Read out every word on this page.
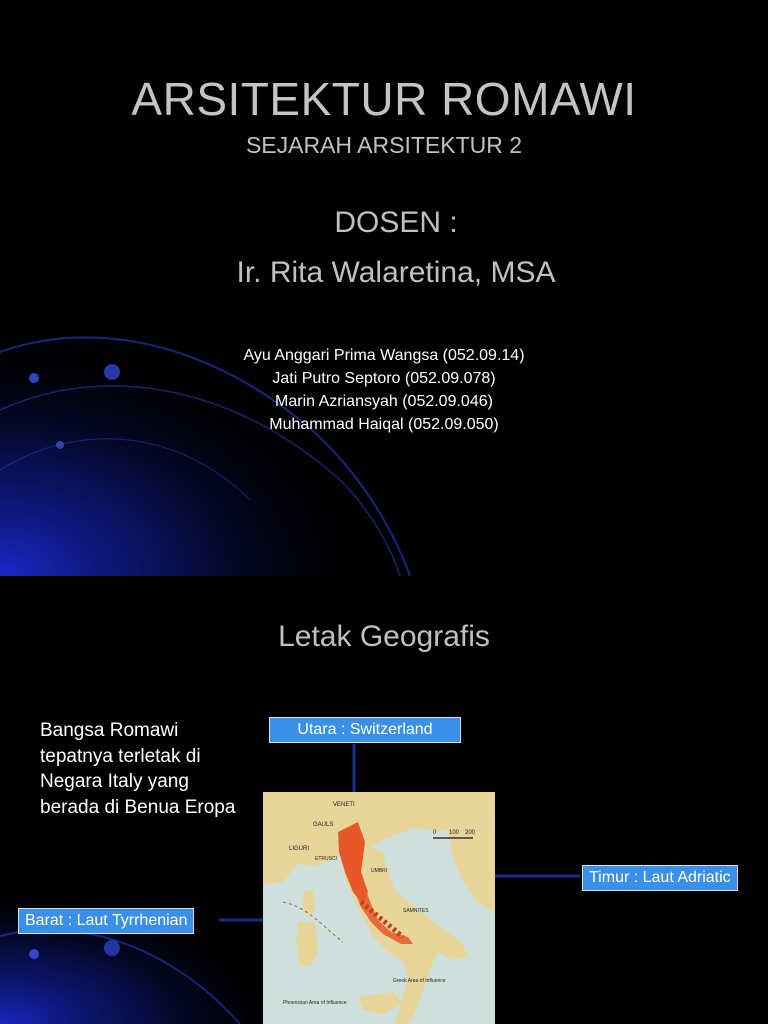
ARSITEKTUR ROMAWI
SEJARAH ARSITEKTUR 2
DOSEN :
Ir. Rita Walaretina, MSA
Ayu Anggari Prima Wangsa (052.09.14)
Jati Putro Septoro (052.09.078)
Marin Azriansyah (052.09.046)
Muhammad Haiqal (052.09.050)
Letak Geografis

Bangsa Romawi tepatnya terletak di Negara Italy yang berada di Benua Eropa

0 100 200
VENETI
GAULS
LIGURI
ETRUSCI
UMBRI
SAMNITES
Greek Area of Influence
Phoenician Area of Influence
Utara : Switzerland
Timur : Laut Adriatic
Barat : Laut Tyrrhenian
